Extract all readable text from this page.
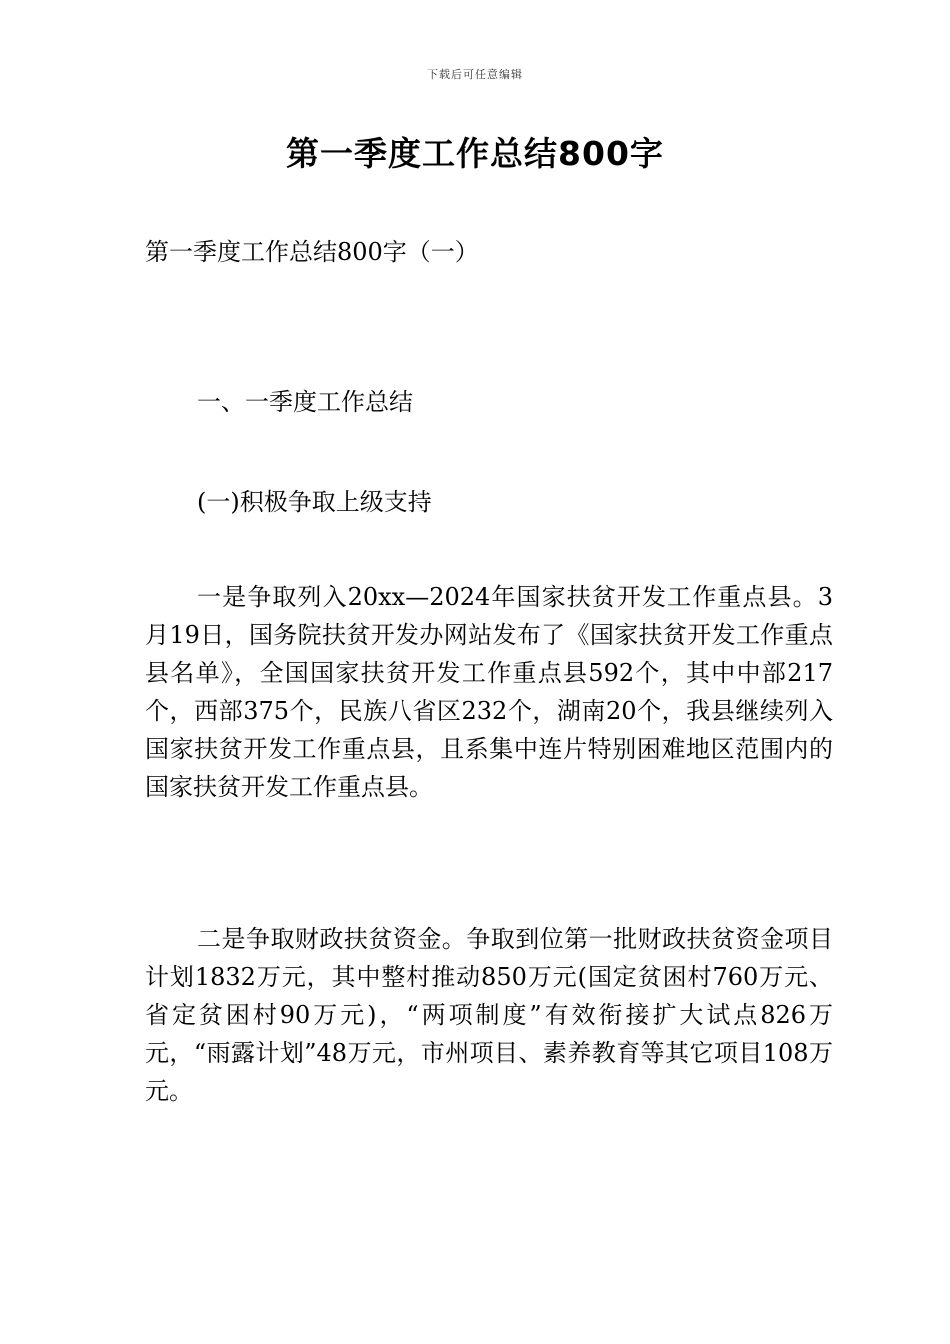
下载后可任意编辑
第一季度工作总结800字

第一季度工作总结800字（一）

一、一季度工作总结

(一)积极争取上级支持

一是争取列入20xx—2024年国家扶贫开发工作重点县。3月19日，国务院扶贫开发办网站发布了《国家扶贫开发工作重点县名单》，全国国家扶贫开发工作重点县592个，其中中部217个，西部375个，民族八省区232个，湖南20个，我县继续列入国家扶贫开发工作重点县，且系集中连片特别困难地区范围内的国家扶贫开发工作重点县。

二是争取财政扶贫资金。争取到位第一批财政扶贫资金项目计划1832万元，其中整村推动850万元(国定贫困村760万元、省定贫困村90万元)，“两项制度”有效衔接扩大试点826万元，“雨露计划”48万元，市州项目、素养教育等其它项目108万元。
